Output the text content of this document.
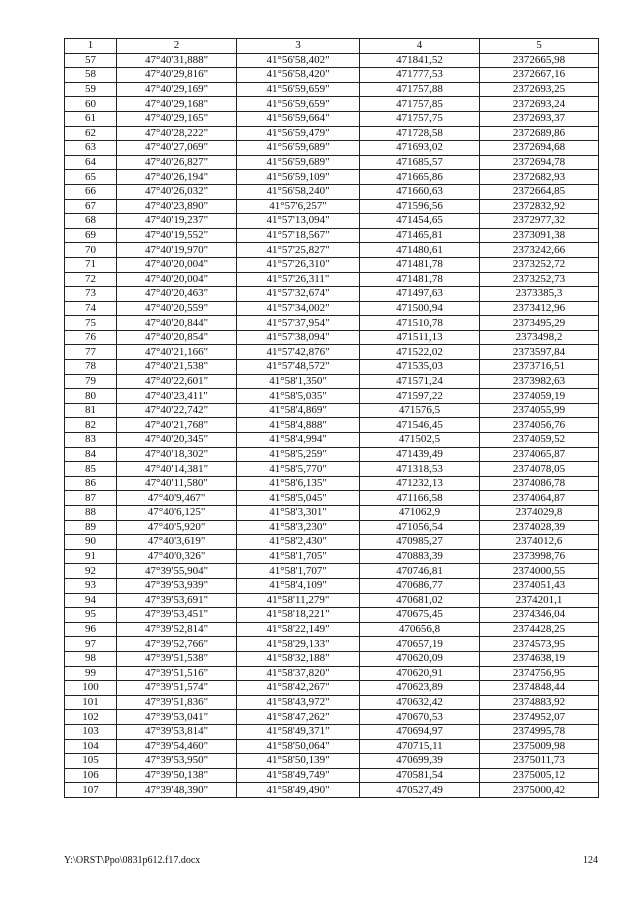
1	2	3	4	5
57	47°40'31,888"	41°56'58,402"	471841,52	2372665,98
58	47°40'29,816"	41°56'58,420"	471777,53	2372667,16
59	47°40'29,169"	41°56'59,659"	471757,88	2372693,25
60	47°40'29,168"	41°56'59,659"	471757,85	2372693,24
61	47°40'29,165"	41°56'59,664"	471757,75	2372693,37
62	47°40'28,222"	41°56'59,479"	471728,58	2372689,86
63	47°40'27,069"	41°56'59,689"	471693,02	2372694,68
64	47°40'26,827"	41°56'59,689"	471685,57	2372694,78
65	47°40'26,194"	41°56'59,109"	471665,86	2372682,93
66	47°40'26,032"	41°56'58,240"	471660,63	2372664,85
67	47°40'23,890"	41°57'6,257"	471596,56	2372832,92
68	47°40'19,237"	41°57'13,094"	471454,65	2372977,32
69	47°40'19,552"	41°57'18,567"	471465,81	2373091,38
70	47°40'19,970"	41°57'25,827"	471480,61	2373242,66
71	47°40'20,004"	41°57'26,310"	471481,78	2373252,72
72	47°40'20,004"	41°57'26,311"	471481,78	2373252,73
73	47°40'20,463"	41°57'32,674"	471497,63	2373385,3
74	47°40'20,559"	41°57'34,002"	471500,94	2373412,96
75	47°40'20,844"	41°57'37,954"	471510,78	2373495,29
76	47°40'20,854"	41°57'38,094"	471511,13	2373498,2
77	47°40'21,166"	41°57'42,876"	471522,02	2373597,84
78	47°40'21,538"	41°57'48,572"	471535,03	2373716,51
79	47°40'22,601"	41°58'1,350"	471571,24	2373982,63
80	47°40'23,411"	41°58'5,035"	471597,22	2374059,19
81	47°40'22,742"	41°58'4,869"	471576,5	2374055,99
82	47°40'21,768"	41°58'4,888"	471546,45	2374056,76
83	47°40'20,345"	41°58'4,994"	471502,5	2374059,52
84	47°40'18,302"	41°58'5,259"	471439,49	2374065,87
85	47°40'14,381"	41°58'5,770"	471318,53	2374078,05
86	47°40'11,580"	41°58'6,135"	471232,13	2374086,78
87	47°40'9,467"	41°58'5,045"	471166,58	2374064,87
88	47°40'6,125"	41°58'3,301"	471062,9	2374029,8
89	47°40'5,920"	41°58'3,230"	471056,54	2374028,39
90	47°40'3,619"	41°58'2,430"	470985,27	2374012,6
91	47°40'0,326"	41°58'1,705"	470883,39	2373998,76
92	47°39'55,904"	41°58'1,707"	470746,81	2374000,55
93	47°39'53,939"	41°58'4,109"	470686,77	2374051,43
94	47°39'53,691"	41°58'11,279"	470681,02	2374201,1
95	47°39'53,451"	41°58'18,221"	470675,45	2374346,04
96	47°39'52,814"	41°58'22,149"	470656,8	2374428,25
97	47°39'52,766"	41°58'29,133"	470657,19	2374573,95
98	47°39'51,538"	41°58'32,188"	470620,09	2374638,19
99	47°39'51,516"	41°58'37,820"	470620,91	2374756,95
100	47°39'51,574"	41°58'42,267"	470623,89	2374848,44
101	47°39'51,836"	41°58'43,972"	470632,42	2374883,92
102	47°39'53,041"	41°58'47,262"	470670,53	2374952,07
103	47°39'53,814"	41°58'49,371"	470694,97	2374995,78
104	47°39'54,460"	41°58'50,064"	470715,11	2375009,98
105	47°39'53,950"	41°58'50,139"	470699,39	2375011,73
106	47°39'50,138"	41°58'49,749"	470581,54	2375005,12
107	47°39'48,390"	41°58'49,490"	470527,49	2375000,42
Y:\ORST\Ppo\0831p612.f17.docx	124
